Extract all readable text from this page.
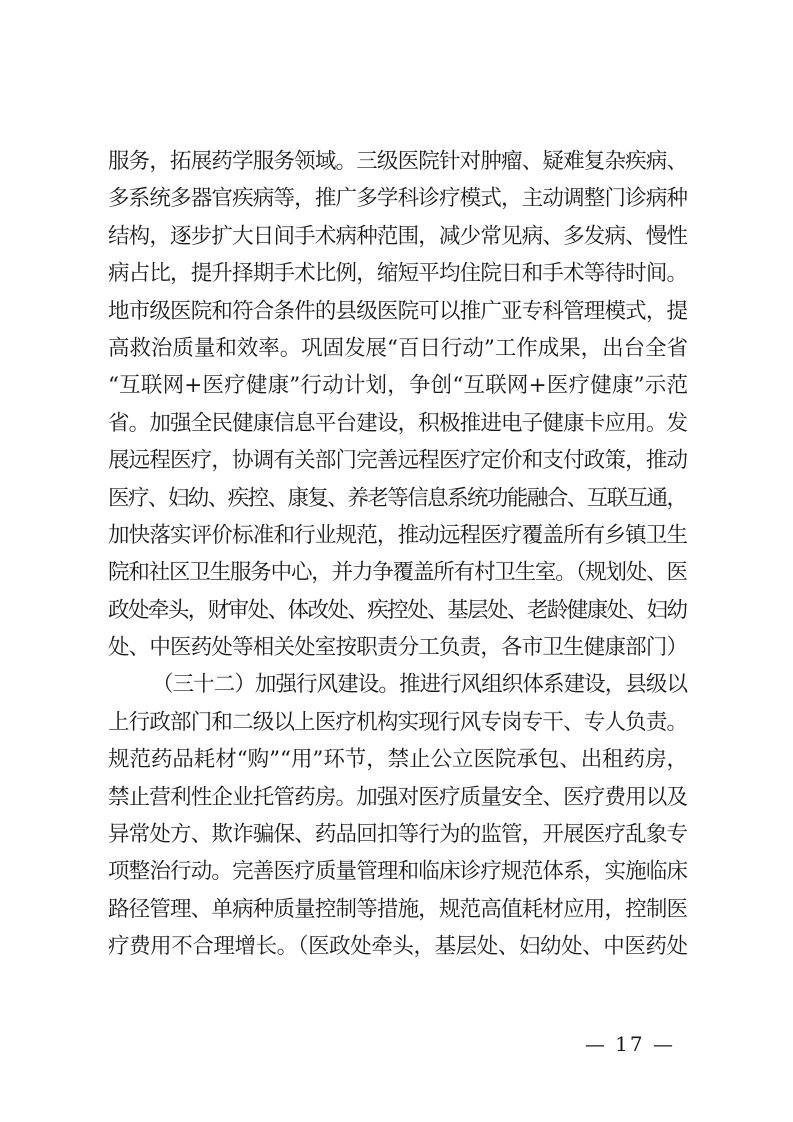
服务，拓展药学服务领域。三级医院针对肿瘤、疑难复杂疾病、
多系统多器官疾病等，推广多学科诊疗模式，主动调整门诊病种
结构，逐步扩大日间手术病种范围，减少常见病、多发病、慢性
病占比，提升择期手术比例，缩短平均住院日和手术等待时间。
地市级医院和符合条件的县级医院可以推广亚专科管理模式，提
高救治质量和效率。巩固发展“百日行动”工作成果，出台全省
“互联网+医疗健康”行动计划，争创“互联网+医疗健康”示范
省。加强全民健康信息平台建设，积极推进电子健康卡应用。发
展远程医疗，协调有关部门完善远程医疗定价和支付政策，推动
医疗、妇幼、疾控、康复、养老等信息系统功能融合、互联互通，
加快落实评价标准和行业规范，推动远程医疗覆盖所有乡镇卫生
院和社区卫生服务中心，并力争覆盖所有村卫生室。（规划处、医
政处牵头，财审处、体改处、疾控处、基层处、老龄健康处、妇幼
处、中医药处等相关处室按职责分工负责，各市卫生健康部门）
（三十二）加强行风建设。推进行风组织体系建设，县级以
上行政部门和二级以上医疗机构实现行风专岗专干、专人负责。
规范药品耗材“购”“用”环节，禁止公立医院承包、出租药房，
禁止营利性企业托管药房。加强对医疗质量安全、医疗费用以及
异常处方、欺诈骗保、药品回扣等行为的监管，开展医疗乱象专
项整治行动。完善医疗质量管理和临床诊疗规范体系，实施临床
路径管理、单病种质量控制等措施，规范高值耗材应用，控制医
疗费用不合理增长。（医政处牵头，基层处、妇幼处、中医药处
— 17 —
